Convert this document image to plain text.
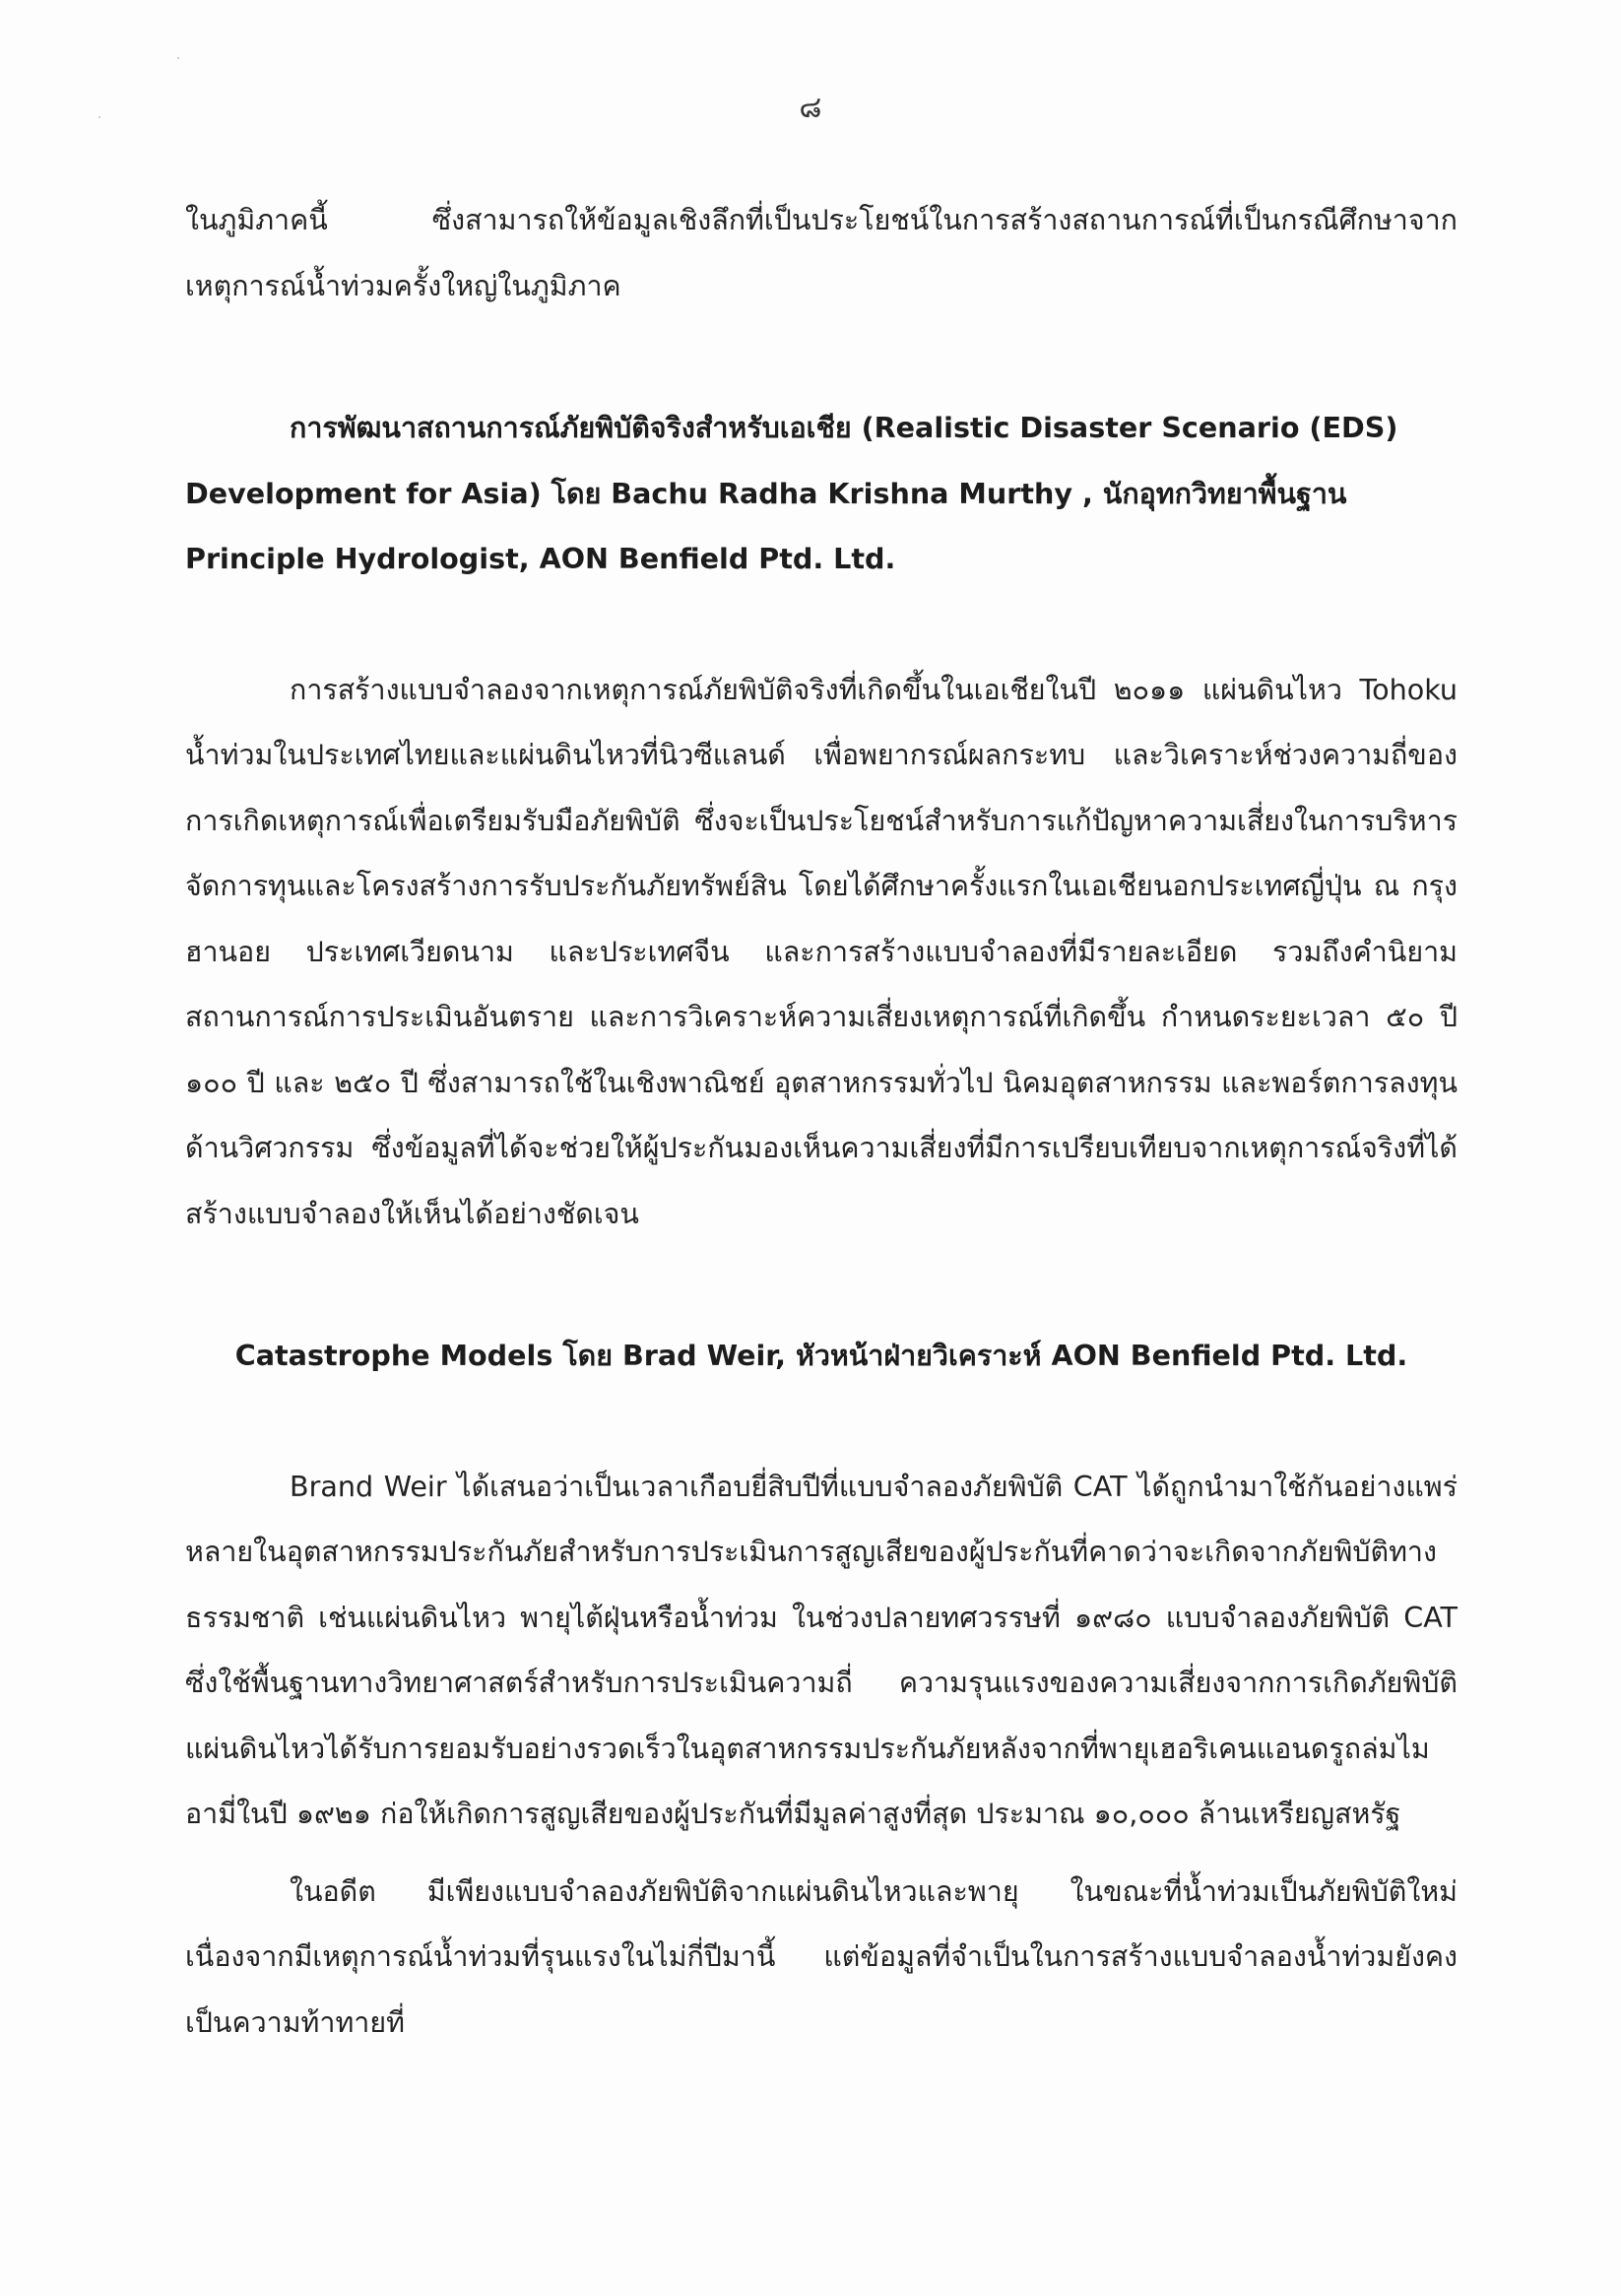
๘

ในภูมิภาคนี้ ซึ่งสามารถให้ข้อมูลเชิงลึกที่เป็นประโยชน์ในการสร้างสถานการณ์ที่เป็นกรณีศึกษาจากเหตุการณ์น้ำท่วมครั้งใหญ่ในภูมิภาค

การพัฒนาสถานการณ์ภัยพิบัติจริงสำหรับเอเชีย (Realistic Disaster Scenario (EDS) Development for Asia) โดย Bachu Radha Krishna Murthy , นักอุทกวิทยาพื้นฐาน Principle Hydrologist, AON Benfield Ptd. Ltd.

การสร้างแบบจำลองจากเหตุการณ์ภัยพิบัติจริงที่เกิดขึ้นในเอเชียในปี ๒๐๑๑ แผ่นดินไหว Tohoku น้ำท่วมในประเทศไทยและแผ่นดินไหวที่นิวซีแลนด์ เพื่อพยากรณ์ผลกระทบ และวิเคราะห์ช่วงความถี่ของการเกิดเหตุการณ์เพื่อเตรียมรับมือภัยพิบัติ ซึ่งจะเป็นประโยชน์สำหรับการแก้ปัญหาความเสี่ยงในการบริหารจัดการทุนและโครงสร้างการรับประกันภัยทรัพย์สิน โดยได้ศึกษาครั้งแรกในเอเชียนอกประเทศญี่ปุ่น ณ กรุงฮานอย ประเทศเวียดนาม และประเทศจีน และการสร้างแบบจำลองที่มีรายละเอียด รวมถึงคำนิยามสถานการณ์การประเมินอันตราย และการวิเคราะห์ความเสี่ยงเหตุการณ์ที่เกิดขึ้น กำหนดระยะเวลา ๕๐ ปี ๑๐๐ ปี และ ๒๕๐ ปี ซึ่งสามารถใช้ในเชิงพาณิชย์ อุตสาหกรรมทั่วไป นิคมอุตสาหกรรม และพอร์ตการลงทุนด้านวิศวกรรม ซึ่งข้อมูลที่ได้จะช่วยให้ผู้ประกันมองเห็นความเสี่ยงที่มีการเปรียบเทียบจากเหตุการณ์จริงที่ได้สร้างแบบจำลองให้เห็นได้อย่างชัดเจน

Catastrophe Models โดย Brad Weir, หัวหน้าฝ่ายวิเคราะห์ AON Benfield Ptd. Ltd.

Brand Weir ได้เสนอว่าเป็นเวลาเกือบยี่สิบปีที่แบบจำลองภัยพิบัติ CAT ได้ถูกนำมาใช้กันอย่างแพร่หลายในอุตสาหกรรมประกันภัยสำหรับการประเมินการสูญเสียของผู้ประกันที่คาดว่าจะเกิดจากภัยพิบัติทางธรรมชาติ เช่นแผ่นดินไหว พายุไต้ฝุ่นหรือน้ำท่วม ในช่วงปลายทศวรรษที่ ๑๙๘๐ แบบจำลองภัยพิบัติ CAT ซึ่งใช้พื้นฐานทางวิทยาศาสตร์สำหรับการประเมินความถี่ ความรุนแรงของความเสี่ยงจากการเกิดภัยพิบัติแผ่นดินไหวได้รับการยอมรับอย่างรวดเร็วในอุตสาหกรรมประกันภัยหลังจากที่พายุเฮอริเคนแอนดรูถล่มไมอามี่ในปี ๑๙๒๑ ก่อให้เกิดการสูญเสียของผู้ประกันที่มีมูลค่าสูงที่สุด ประมาณ ๑๐,๐๐๐ ล้านเหรียญสหรัฐ

ในอดีต มีเพียงแบบจำลองภัยพิบัติจากแผ่นดินไหวและพายุ ในขณะที่น้ำท่วมเป็นภัยพิบัติใหม่ เนื่องจากมีเหตุการณ์น้ำท่วมที่รุนแรงในไม่กี่ปีมานี้ แต่ข้อมูลที่จำเป็นในการสร้างแบบจำลองน้ำท่วมยังคงเป็นความท้าทายที่
